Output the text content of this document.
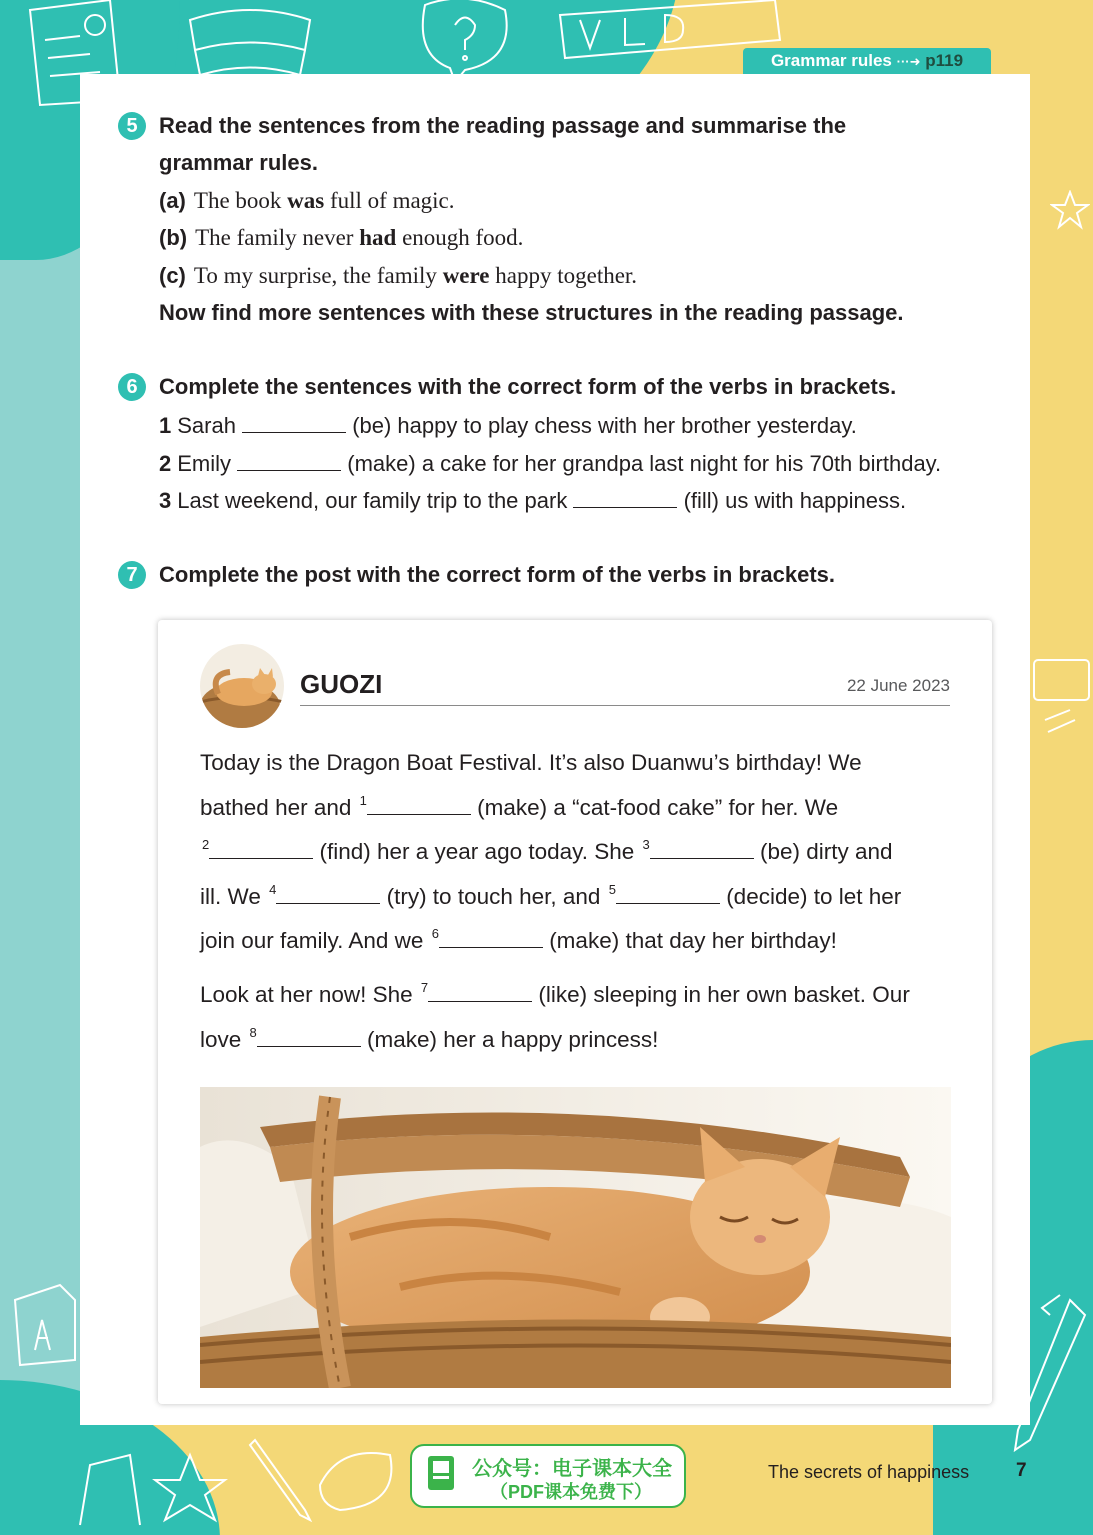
Grammar rules ···➜ p119
5 Read the sentences from the reading passage and summarise the
grammar rules.
(a) The book was full of magic.
(b) The family never had enough food.
(c) To my surprise, the family were happy together.
Now find more sentences with these structures in the reading passage.
6 Complete the sentences with the correct form of the verbs in brackets.
1 Sarah	(be) happy to play chess with her brother yesterday.
2 Emily	(make) a cake for her grandpa last night for his 70th birthday.
3 Last weekend, our family trip to the park	(fill) us with happiness.
7 Complete the post with the correct form of the verbs in brackets.
GUOZI	22 June 2023
Today is the Dragon Boat Festival. It’s also Duanwu’s birthday! We
bathed her and $^1$	(make) a “cat-food cake” for her. We
$^2$	(find) her a year ago today. She $^3$	(be) dirty and
ill. We $^4$	(try) to touch her, and $^5$	(decide) to let her
join our family. And we $^6$	(make) that day her birthday!
Look at her now! She $^7$	(like) sleeping in her own basket. Our
love $^8$	(make) her a happy princess!
公众号：电子课本大全
（PDF课本免费下）
The secrets of happiness 7
